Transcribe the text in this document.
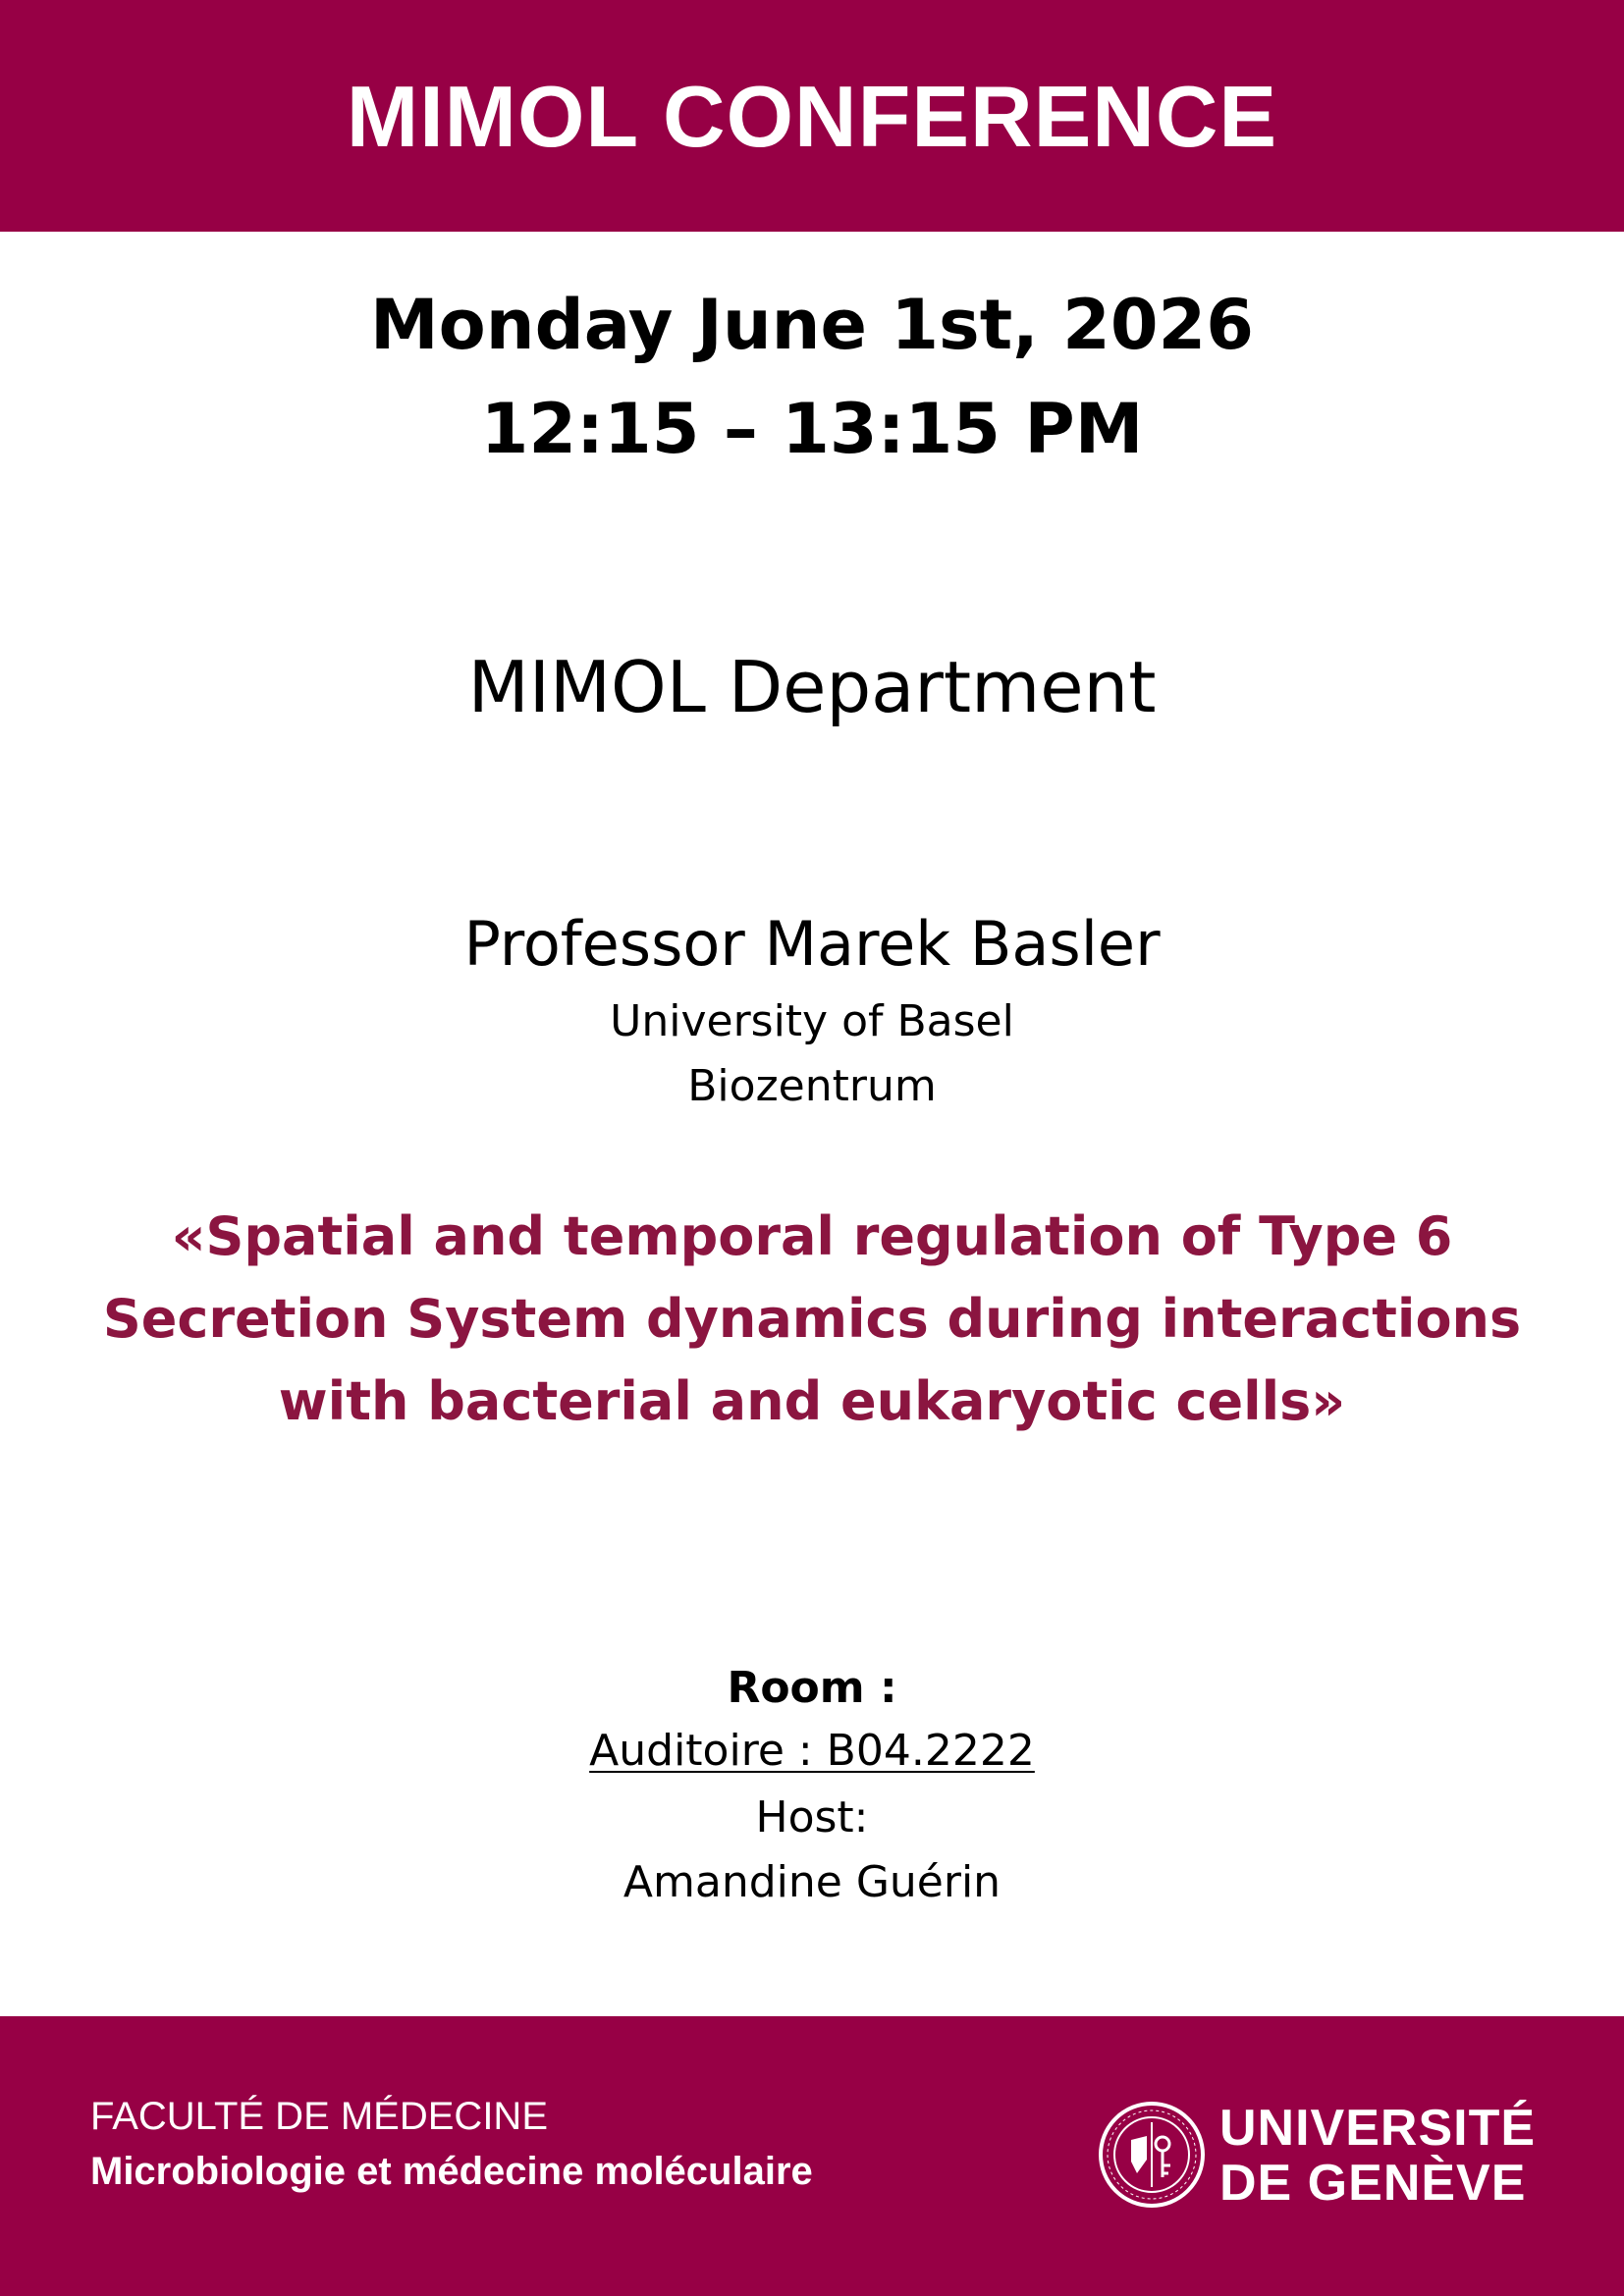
MIMOL CONFERENCE
Monday June 1st, 2026
12:15 – 13:15 PM
MIMOL Department
Professor Marek Basler
University of Basel
Biozentrum
«Spatial and temporal regulation of Type 6 Secretion System dynamics during interactions with bacterial and eukaryotic cells»
Room :
Auditoire : B04.2222
Host:
Amandine Guérin
FACULTÉ DE MÉDECINE
Microbiologie et médecine moléculaire
UNIVERSITÉ
DE GENÈVE
